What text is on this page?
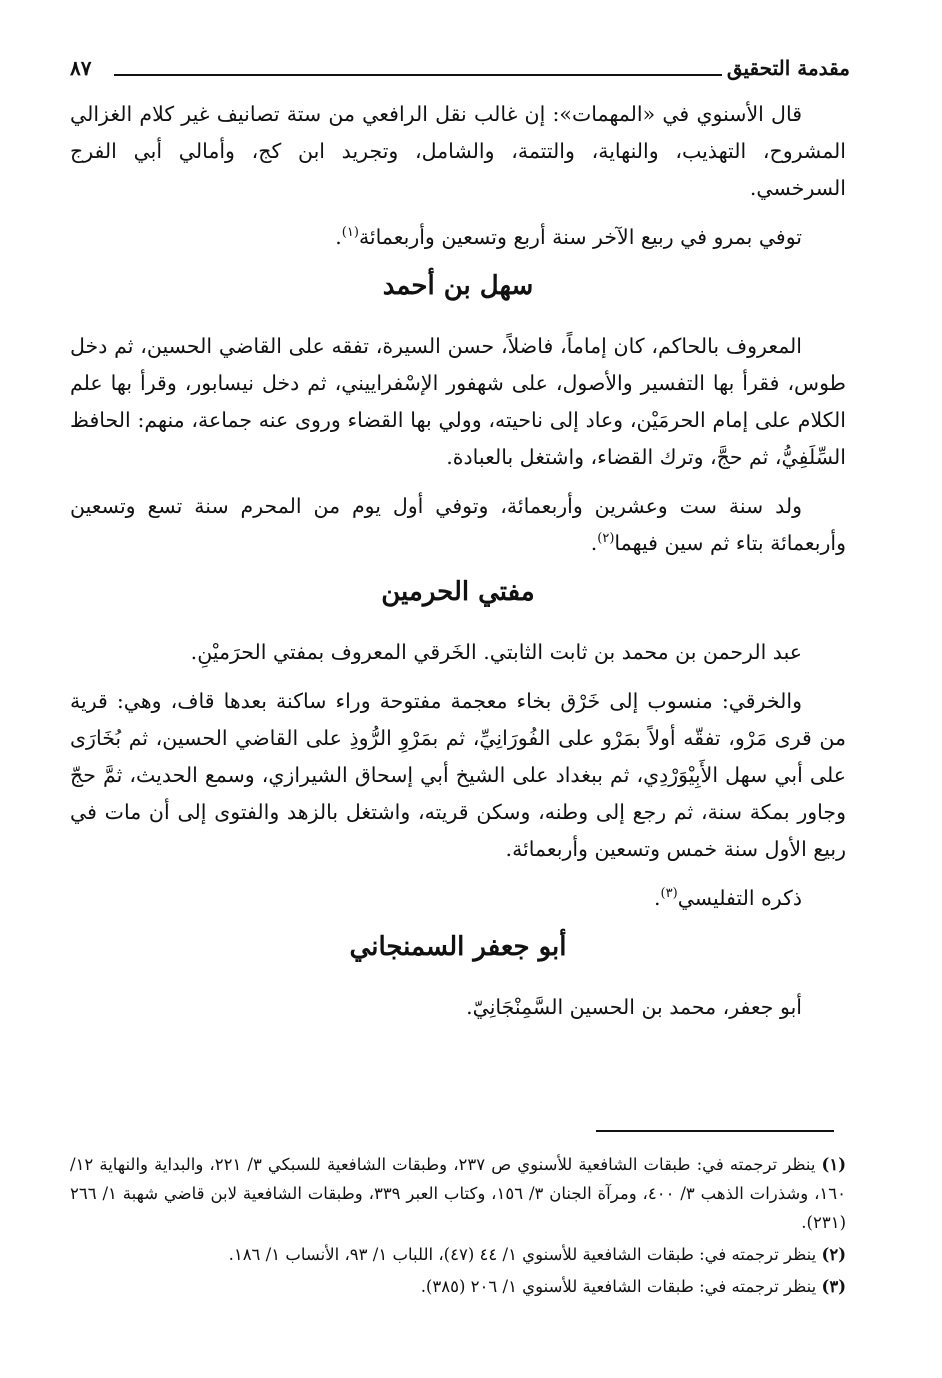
مقدمة التحقيق
٨٧

قال الأسنوي في «المهمات»: إن غالب نقل الرافعي من ستة تصانيف غير كلام الغزالي المشروح، التهذيب، والنهاية، والتتمة، والشامل، وتجريد ابن كج، وأمالي أبي الفرج السرخسي.

توفي بمرو في ربيع الآخر سنة أربع وتسعين وأربعمائة$^{(١)}$.

سهل بن أحمد

المعروف بالحاكم، كان إماماً، فاضلاً، حسن السيرة، تفقه على القاضي الحسين، ثم دخل طوس، فقرأ بها التفسير والأصول، على شهفور الإسْفراييني، ثم دخل نيسابور، وقرأ بها علم الكلام على إمام الحرمَيْن، وعاد إلى ناحيته، وولي بها القضاء وروى عنه جماعة، منهم: الحافظ السِّلَفِيُّ، ثم حجَّ، وترك القضاء، واشتغل بالعبادة.

ولد سنة ست وعشرين وأربعمائة، وتوفي أول يوم من المحرم سنة تسع وتسعين وأربعمائة بتاء ثم سين فيهما$^{(٢)}$.

مفتي الحرمين

عبد الرحمن بن محمد بن ثابت الثابتي. الخَرقي المعروف بمفتي الحرَميْنِ.

والخرقي: منسوب إلى خَرْق بخاء معجمة مفتوحة وراء ساكنة بعدها قاف، وهي: قرية من قرى مَرْو، تفقّه أولاً بمَرْو على الفُورَانِيِّ، ثم بمَرْوِ الرُّوذِ على القاضي الحسين، ثم بُخَارَى على أبي سهل الأَبِيْوَرْدِي، ثم ببغداد على الشيخ أبي إسحاق الشيرازي، وسمع الحديث، ثمَّ حجّ وجاور بمكة سنة، ثم رجع إلى وطنه، وسكن قريته، واشتغل بالزهد والفتوى إلى أن مات في ربيع الأول سنة خمس وتسعين وأربعمائة.

ذكره التفليسي$^{(٣)}$.

أبو جعفر السمنجاني

أبو جعفر، محمد بن الحسين السَّمِنْجَانِيّ.

(١) ينظر ترجمته في: طبقات الشافعية للأسنوي ص ٢٣٧، وطبقات الشافعية للسبكي ٣/ ٢٢١، والبداية والنهاية ١٢/ ١٦٠، وشذرات الذهب ٣/ ٤٠٠، ومرآة الجنان ٣/ ١٥٦، وكتاب العبر ٣٣٩، وطبقات الشافعية لابن قاضي شهبة ١/ ٢٦٦ (٢٣١).

(٢) ينظر ترجمته في: طبقات الشافعية للأسنوي ١/ ٤٤ (٤٧)، اللباب ١/ ٩٣، الأنساب ١/ ١٨٦.

(٣) ينظر ترجمته في: طبقات الشافعية للأسنوي ١/ ٢٠٦ (٣٨٥).
